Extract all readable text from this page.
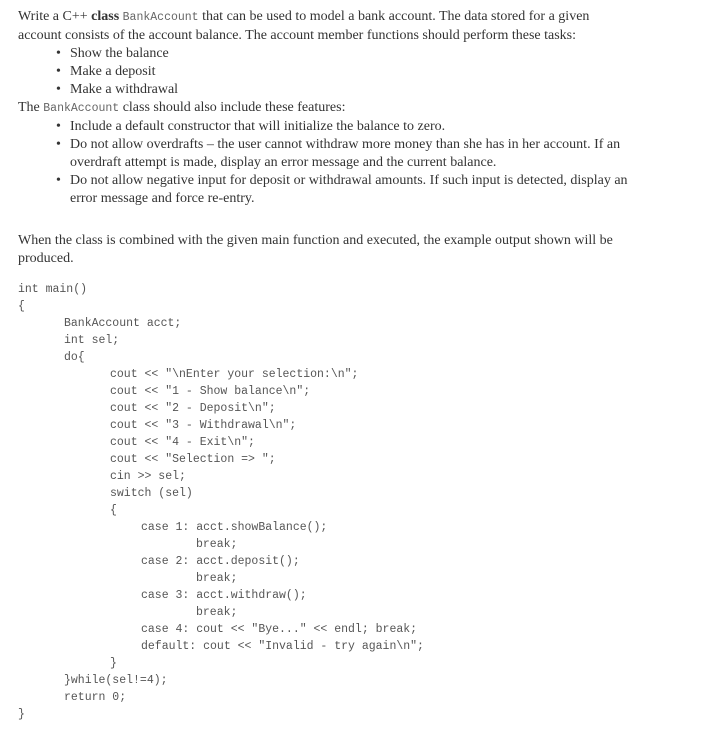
Write a C++ class BankAccount that can be used to model a bank account. The data stored for a given
account consists of the account balance. The account member functions should perform these tasks:

• Show the balance
• Make a deposit
• Make a withdrawal

The BankAccount class should also include these features:

• Include a default constructor that will initialize the balance to zero.
• Do not allow overdrafts – the user cannot withdraw more money than she has in her account. If an
overdraft attempt is made, display an error message and the current balance.
• Do not allow negative input for deposit or withdrawal amounts. If such input is detected, display an
error message and force re-entry.

When the class is combined with the given main function and executed, the example output shown will be
produced.

int main()
{
BankAccount acct;
int sel;
do{
cout << "\nEnter your selection:\n";
cout << "1 - Show balance\n";
cout << "2 - Deposit\n";
cout << "3 - Withdrawal\n";
cout << "4 - Exit\n";
cout << "Selection => ";
cin >> sel;
switch (sel)
{
case 1: acct.showBalance();
break;
case 2: acct.deposit();
break;
case 3: acct.withdraw();
break;
case 4: cout << "Bye..." << endl; break;
default: cout << "Invalid - try again\n";
}
}while(sel!=4);
return 0;
}
